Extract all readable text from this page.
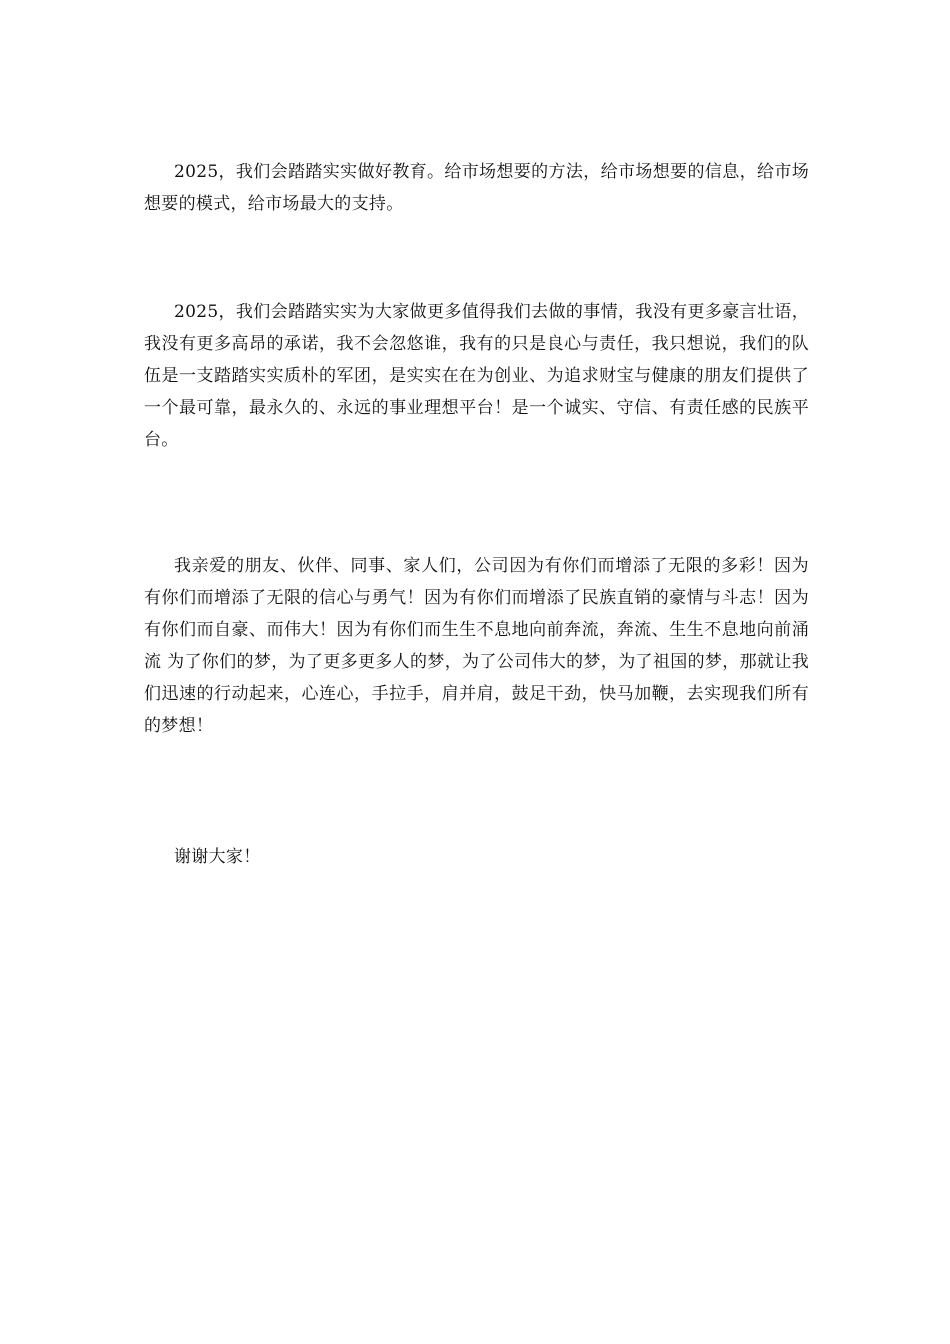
2025，我们会踏踏实实做好教育。给市场想要的方法，给市场想要的信息，给市场想要的模式，给市场最大的支持。

2025，我们会踏踏实实为大家做更多值得我们去做的事情，我没有更多豪言壮语，我没有更多高昂的承诺，我不会忽悠谁，我有的只是良心与责任，我只想说，我们的队伍是一支踏踏实实质朴的军团，是实实在在为创业、为追求财宝与健康的朋友们提供了一个最可靠，最永久的、永远的事业理想平台！是一个诚实、守信、有责任感的民族平台。

我亲爱的朋友、伙伴、同事、家人们，公司因为有你们而增添了无限的多彩！因为有你们而增添了无限的信心与勇气！因为有你们而增添了民族直销的豪情与斗志！因为有你们而自豪、而伟大！因为有你们而生生不息地向前奔流，奔流、生生不息地向前涌流 为了你们的梦，为了更多更多人的梦，为了公司伟大的梦，为了祖国的梦，那就让我们迅速的行动起来，心连心，手拉手，肩并肩，鼓足干劲，快马加鞭，去实现我们所有的梦想！

谢谢大家！
